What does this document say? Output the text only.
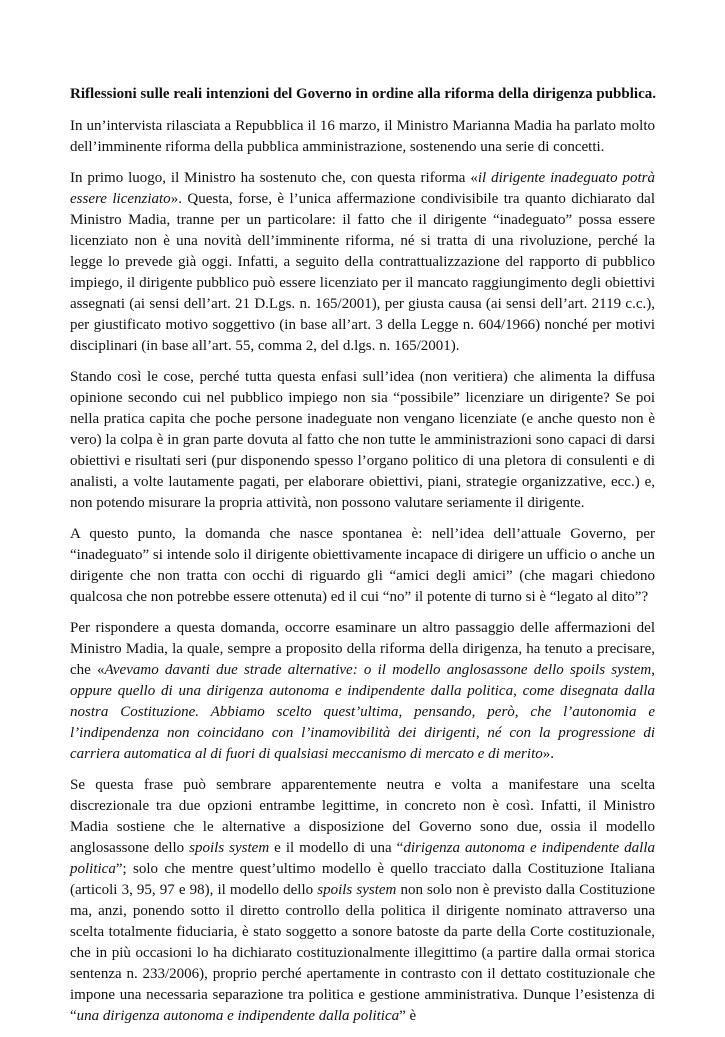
Riflessioni sulle reali intenzioni del Governo in ordine alla riforma della dirigenza pubblica.

In un’intervista rilasciata a Repubblica il 16 marzo, il Ministro Marianna Madia ha parlato molto dell’imminente riforma della pubblica amministrazione, sostenendo una serie di concetti.

In primo luogo, il Ministro ha sostenuto che, con questa riforma «il dirigente inadeguato potrà essere licenziato». Questa, forse, è l’unica affermazione condivisibile tra quanto dichiarato dal Ministro Madia, tranne per un particolare: il fatto che il dirigente “inadeguato” possa essere licenziato non è una novità dell’imminente riforma, né si tratta di una rivoluzione, perché la legge lo prevede già oggi. Infatti, a seguito della contrattualizzazione del rapporto di pubblico impiego, il dirigente pubblico può essere licenziato per il mancato raggiungimento degli obiettivi assegnati (ai sensi dell’art. 21 D.Lgs. n. 165/2001), per giusta causa (ai sensi dell’art. 2119 c.c.), per giustificato motivo soggettivo (in base all’art. 3 della Legge n. 604/1966) nonché per motivi disciplinari (in base all’art. 55, comma 2, del d.lgs. n. 165/2001).

Stando così le cose, perché tutta questa enfasi sull’idea (non veritiera) che alimenta la diffusa opinione secondo cui nel pubblico impiego non sia “possibile” licenziare un dirigente? Se poi nella pratica capita che poche persone inadeguate non vengano licenziate (e anche questo non è vero) la colpa è in gran parte dovuta al fatto che non tutte le amministrazioni sono capaci di darsi obiettivi e risultati seri (pur disponendo spesso l’organo politico di una pletora di consulenti e di analisti, a volte lautamente pagati, per elaborare obiettivi, piani, strategie organizzative, ecc.) e, non potendo misurare la propria attività, non possono valutare seriamente il dirigente.

A questo punto, la domanda che nasce spontanea è: nell’idea dell’attuale Governo, per “inadeguato” si intende solo il dirigente obiettivamente incapace di dirigere un ufficio o anche un dirigente che non tratta con occhi di riguardo gli “amici degli amici” (che magari chiedono qualcosa che non potrebbe essere ottenuta) ed il cui “no” il potente di turno si è “legato al dito”?

Per rispondere a questa domanda, occorre esaminare un altro passaggio delle affermazioni del Ministro Madia, la quale, sempre a proposito della riforma della dirigenza, ha tenuto a precisare, che «Avevamo davanti due strade alternative: o il modello anglosassone dello spoils system, oppure quello di una dirigenza autonoma e indipendente dalla politica, come disegnata dalla nostra Costituzione. Abbiamo scelto quest’ultima, pensando, però, che l’autonomia e l’indipendenza non coincidano con l’inamovibilità dei dirigenti, né con la progressione di carriera automatica al di fuori di qualsiasi meccanismo di mercato e di merito».

Se questa frase può sembrare apparentemente neutra e volta a manifestare una scelta discrezionale tra due opzioni entrambe legittime, in concreto non è così. Infatti, il Ministro Madia sostiene che le alternative a disposizione del Governo sono due, ossia il modello anglosassone dello spoils system e il modello di una “dirigenza autonoma e indipendente dalla politica”; solo che mentre quest’ultimo modello è quello tracciato dalla Costituzione Italiana (articoli 3, 95, 97 e 98), il modello dello spoils system non solo non è previsto dalla Costituzione ma, anzi, ponendo sotto il diretto controllo della politica il dirigente nominato attraverso una scelta totalmente fiduciaria, è stato soggetto a sonore batoste da parte della Corte costituzionale, che in più occasioni lo ha dichiarato costituzionalmente illegittimo (a partire dalla ormai storica sentenza n. 233/2006), proprio perché apertamente in contrasto con il dettato costituzionale che impone una necessaria separazione tra politica e gestione amministrativa. Dunque l’esistenza di “una dirigenza autonoma e indipendente dalla politica” è
